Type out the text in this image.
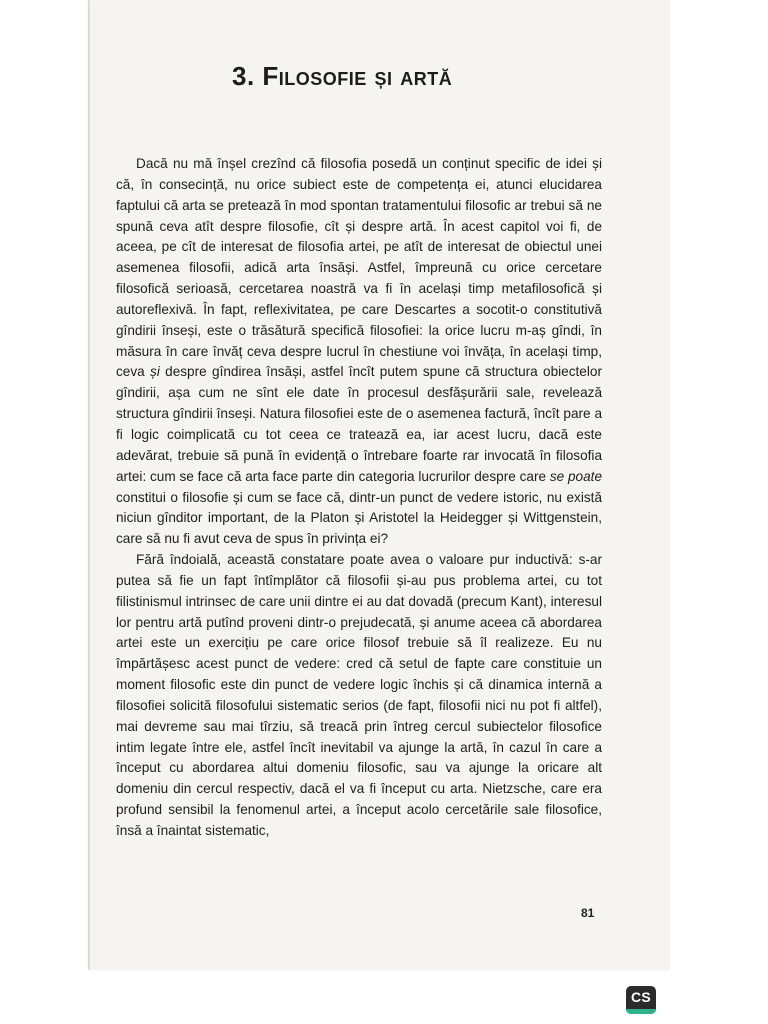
3. Filosofie și artă

Dacă nu mă înșel crezînd că filosofia posedă un conținut specific de idei și că, în consecință, nu orice subiect este de competența ei, atunci elucidarea faptului că arta se pretează în mod spontan tratamentului filosofic ar trebui să ne spună ceva atît despre filosofie, cît și despre artă. În acest capitol voi fi, de aceea, pe cît de interesat de filosofia artei, pe atît de interesat de obiectul unei asemenea filosofii, adică arta însăși. Astfel, împreună cu orice cercetare filosofică serioasă, cercetarea noastră va fi în același timp metafilosofică și autoreflexivă. În fapt, reflexivitatea, pe care Descartes a socotit-o constitutivă gîndirii înseși, este o trăsătură specifică filosofiei: la orice lucru m-aș gîndi, în măsura în care învăț ceva despre lucrul în chestiune voi învăța, în același timp, ceva și despre gîndirea însăși, astfel încît putem spune că structura obiectelor gîndirii, așa cum ne sînt ele date în procesul desfășurării sale, revelează structura gîndirii înseși. Natura filosofiei este de o asemenea factură, încît pare a fi logic coimplicată cu tot ceea ce tratează ea, iar acest lucru, dacă este adevărat, trebuie să pună în evidență o întrebare foarte rar invocată în filosofia artei: cum se face că arta face parte din categoria lucrurilor despre care se poate constitui o filosofie și cum se face că, dintr-un punct de vedere istoric, nu există niciun gînditor important, de la Platon și Aristotel la Heidegger și Wittgenstein, care să nu fi avut ceva de spus în privința ei?

Fără îndoială, această constatare poate avea o valoare pur inductivă: s-ar putea să fie un fapt întîmplător că filosofii și-au pus problema artei, cu tot filistinismul intrinsec de care unii dintre ei au dat dovadă (precum Kant), interesul lor pentru artă putînd proveni dintr-o prejudecată, și anume aceea că abordarea artei este un exercițiu pe care orice filosof trebuie să îl realizeze. Eu nu împărtășesc acest punct de vedere: cred că setul de fapte care constituie un moment filosofic este din punct de vedere logic închis și că dinamica internă a filosofiei solicită filosofului sistematic serios (de fapt, filosofii nici nu pot fi altfel), mai devreme sau mai tîrziu, să treacă prin întreg cercul subiectelor filosofice intim legate între ele, astfel încît inevitabil va ajunge la artă, în cazul în care a început cu abordarea altui domeniu filosofic, sau va ajunge la oricare alt domeniu din cercul respectiv, dacă el va fi început cu arta. Nietzsche, care era profund sensibil la fenomenul artei, a început acolo cercetările sale filosofice, însă a înaintat sistematic,

81
CS
